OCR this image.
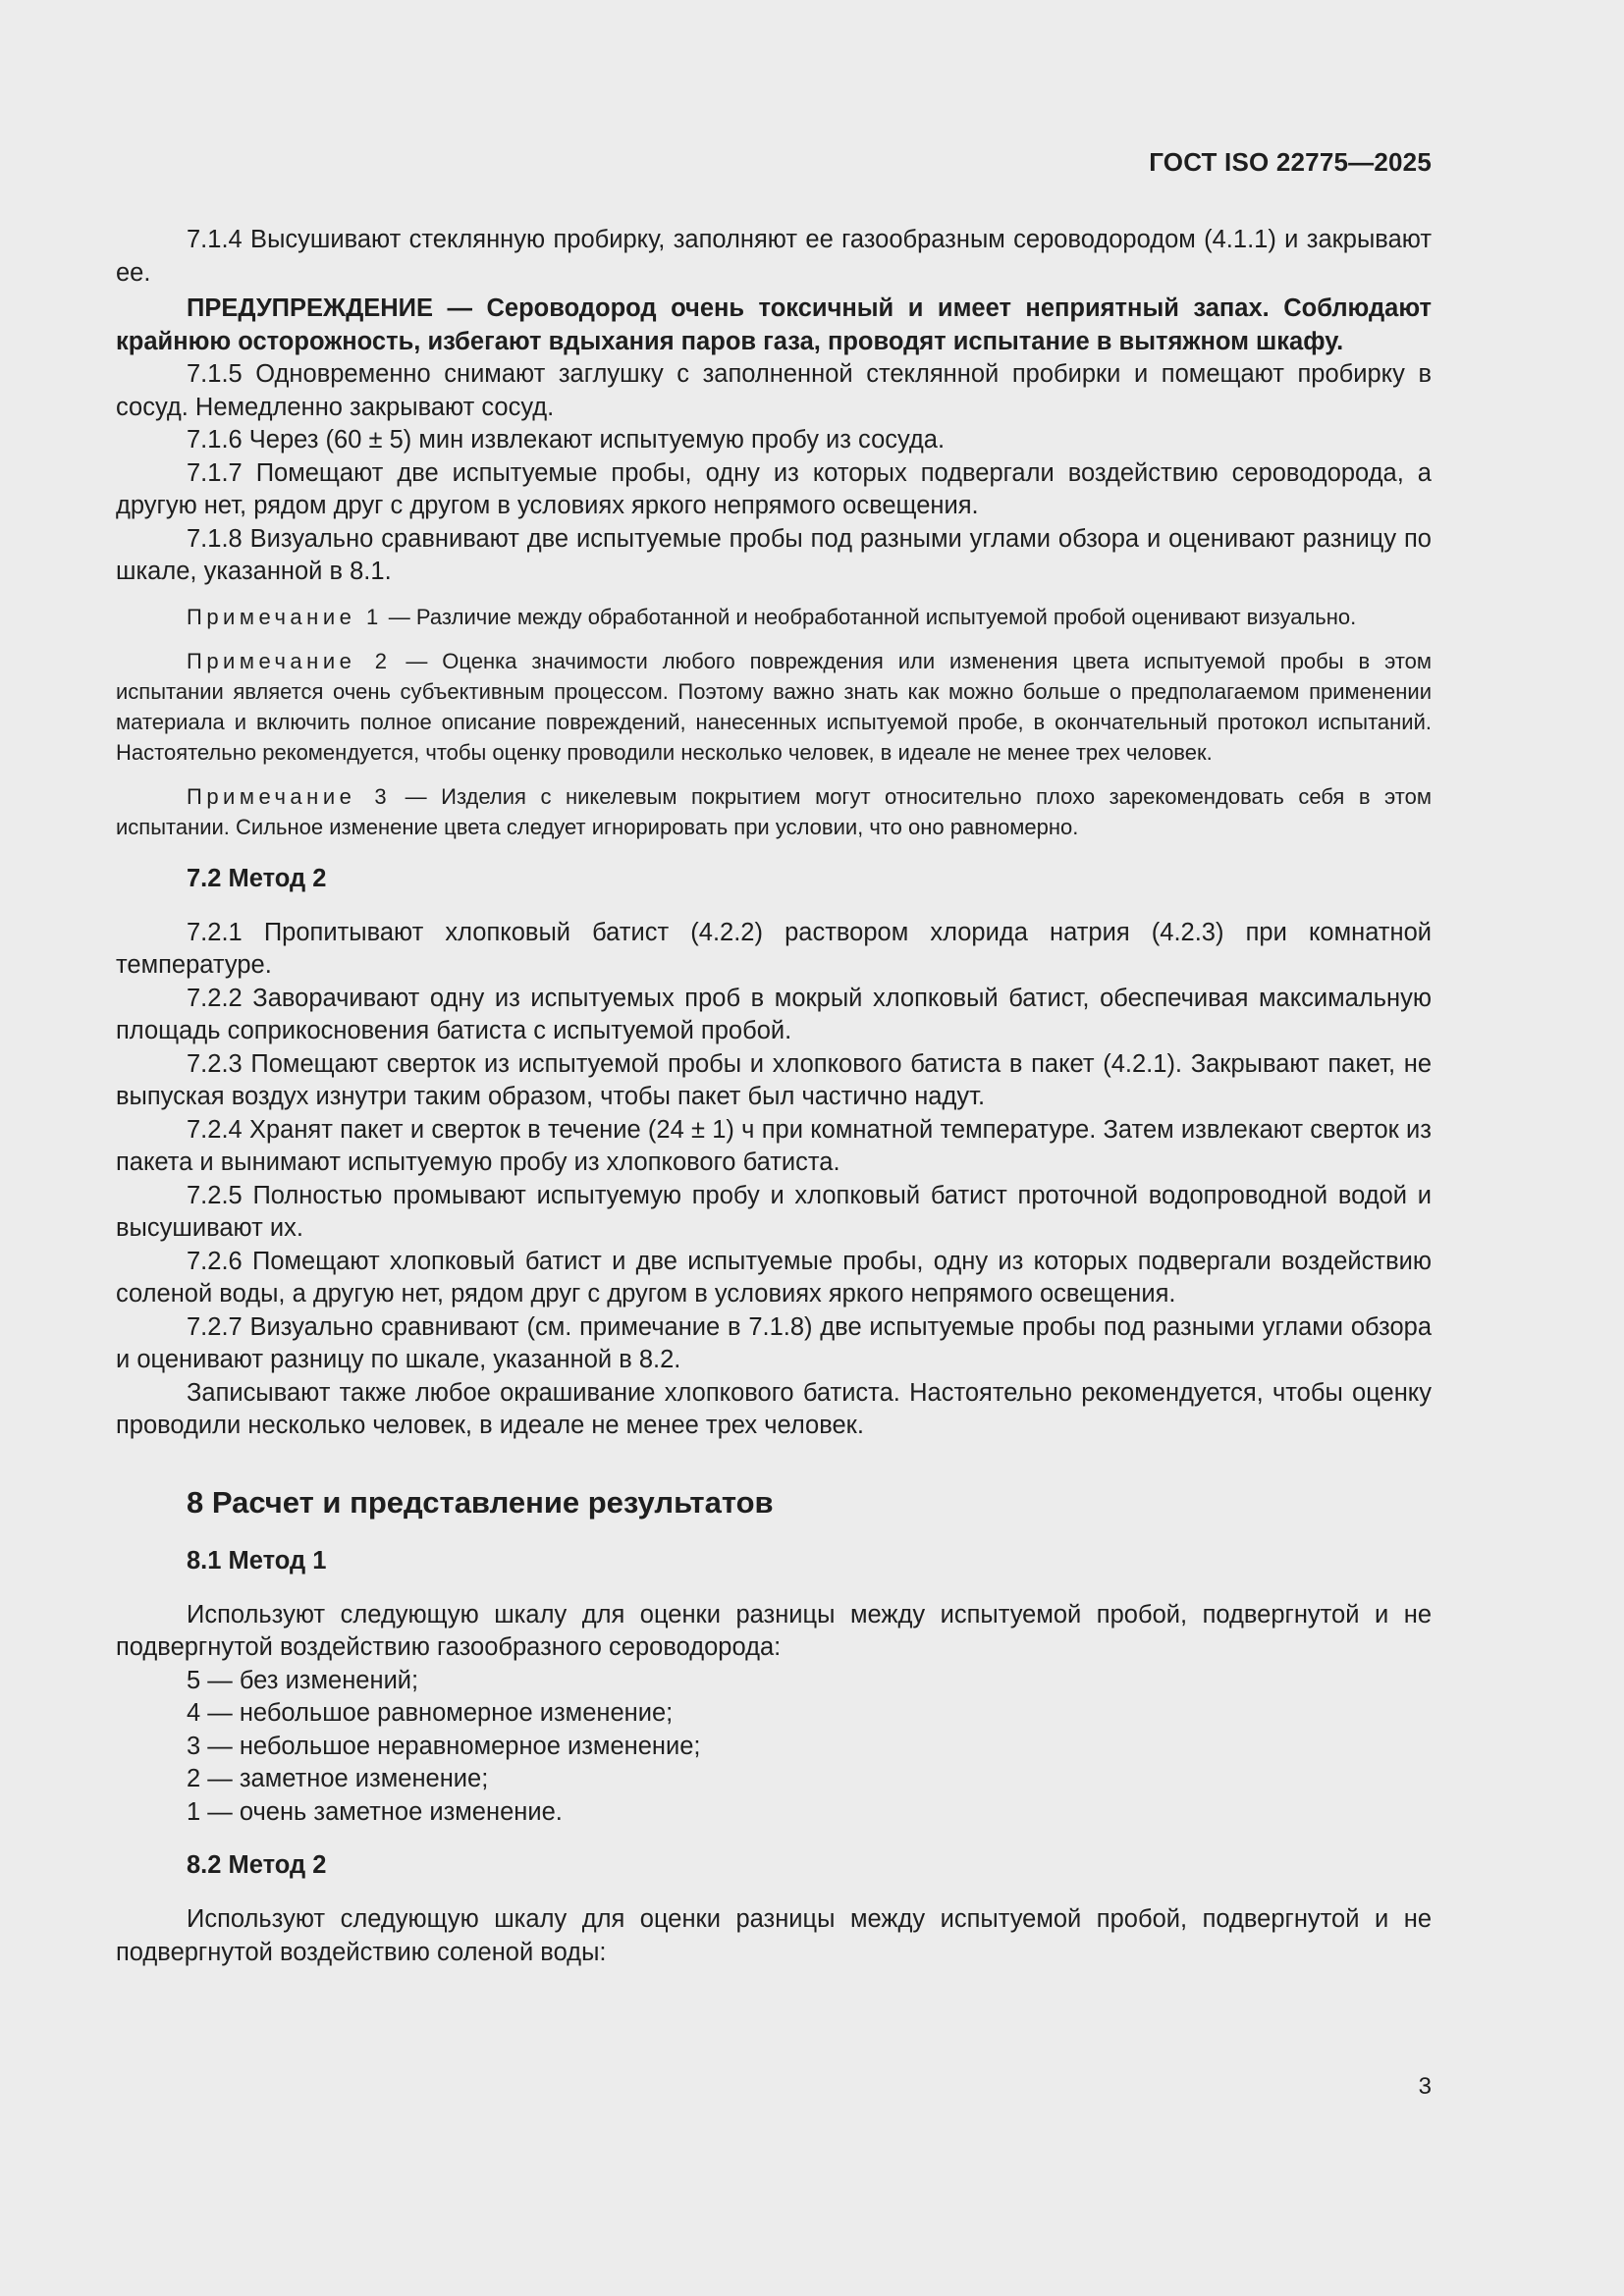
ГОСТ ISO 22775—2025

7.1.4 Высушивают стеклянную пробирку, заполняют ее газообразным сероводородом (4.1.1) и закрывают ее.

ПРЕДУПРЕЖДЕНИЕ — Сероводород очень токсичный и имеет неприятный запах. Соблюдают крайнюю осторожность, избегают вдыхания паров газа, проводят испытание в вытяжном шкафу.

7.1.5 Одновременно снимают заглушку с заполненной стеклянной пробирки и помещают пробирку в сосуд. Немедленно закрывают сосуд.

7.1.6 Через (60 ± 5) мин извлекают испытуемую пробу из сосуда.

7.1.7 Помещают две испытуемые пробы, одну из которых подвергали воздействию сероводорода, а другую нет, рядом друг с другом в условиях яркого непрямого освещения.

7.1.8 Визуально сравнивают две испытуемые пробы под разными углами обзора и оценивают разницу по шкале, указанной в 8.1.

Примечание 1 — Различие между обработанной и необработанной испытуемой пробой оценивают визуально.

Примечание 2 — Оценка значимости любого повреждения или изменения цвета испытуемой пробы в этом испытании является очень субъективным процессом. Поэтому важно знать как можно больше о предполагаемом применении материала и включить полное описание повреждений, нанесенных испытуемой пробе, в окончательный протокол испытаний. Настоятельно рекомендуется, чтобы оценку проводили несколько человек, в идеале не менее трех человек.

Примечание 3 — Изделия с никелевым покрытием могут относительно плохо зарекомендовать себя в этом испытании. Сильное изменение цвета следует игнорировать при условии, что оно равномерно.

7.2 Метод 2

7.2.1 Пропитывают хлопковый батист (4.2.2) раствором хлорида натрия (4.2.3) при комнатной температуре.

7.2.2 Заворачивают одну из испытуемых проб в мокрый хлопковый батист, обеспечивая максимальную площадь соприкосновения батиста с испытуемой пробой.

7.2.3 Помещают сверток из испытуемой пробы и хлопкового батиста в пакет (4.2.1). Закрывают пакет, не выпуская воздух изнутри таким образом, чтобы пакет был частично надут.

7.2.4 Хранят пакет и сверток в течение (24 ± 1) ч при комнатной температуре. Затем извлекают сверток из пакета и вынимают испытуемую пробу из хлопкового батиста.

7.2.5 Полностью промывают испытуемую пробу и хлопковый батист проточной водопроводной водой и высушивают их.

7.2.6 Помещают хлопковый батист и две испытуемые пробы, одну из которых подвергали воздействию соленой воды, а другую нет, рядом друг с другом в условиях яркого непрямого освещения.

7.2.7 Визуально сравнивают (см. примечание в 7.1.8) две испытуемые пробы под разными углами обзора и оценивают разницу по шкале, указанной в 8.2.

Записывают также любое окрашивание хлопкового батиста. Настоятельно рекомендуется, чтобы оценку проводили несколько человек, в идеале не менее трех человек.

8 Расчет и представление результатов
8.1 Метод 1

Используют следующую шкалу для оценки разницы между испытуемой пробой, подвергнутой и не подвергнутой воздействию газообразного сероводорода:

5 — без изменений;

4 — небольшое равномерное изменение;

3 — небольшое неравномерное изменение;

2 — заметное изменение;

1 — очень заметное изменение.

8.2 Метод 2

Используют следующую шкалу для оценки разницы между испытуемой пробой, подвергнутой и не подвергнутой воздействию соленой воды:

3
